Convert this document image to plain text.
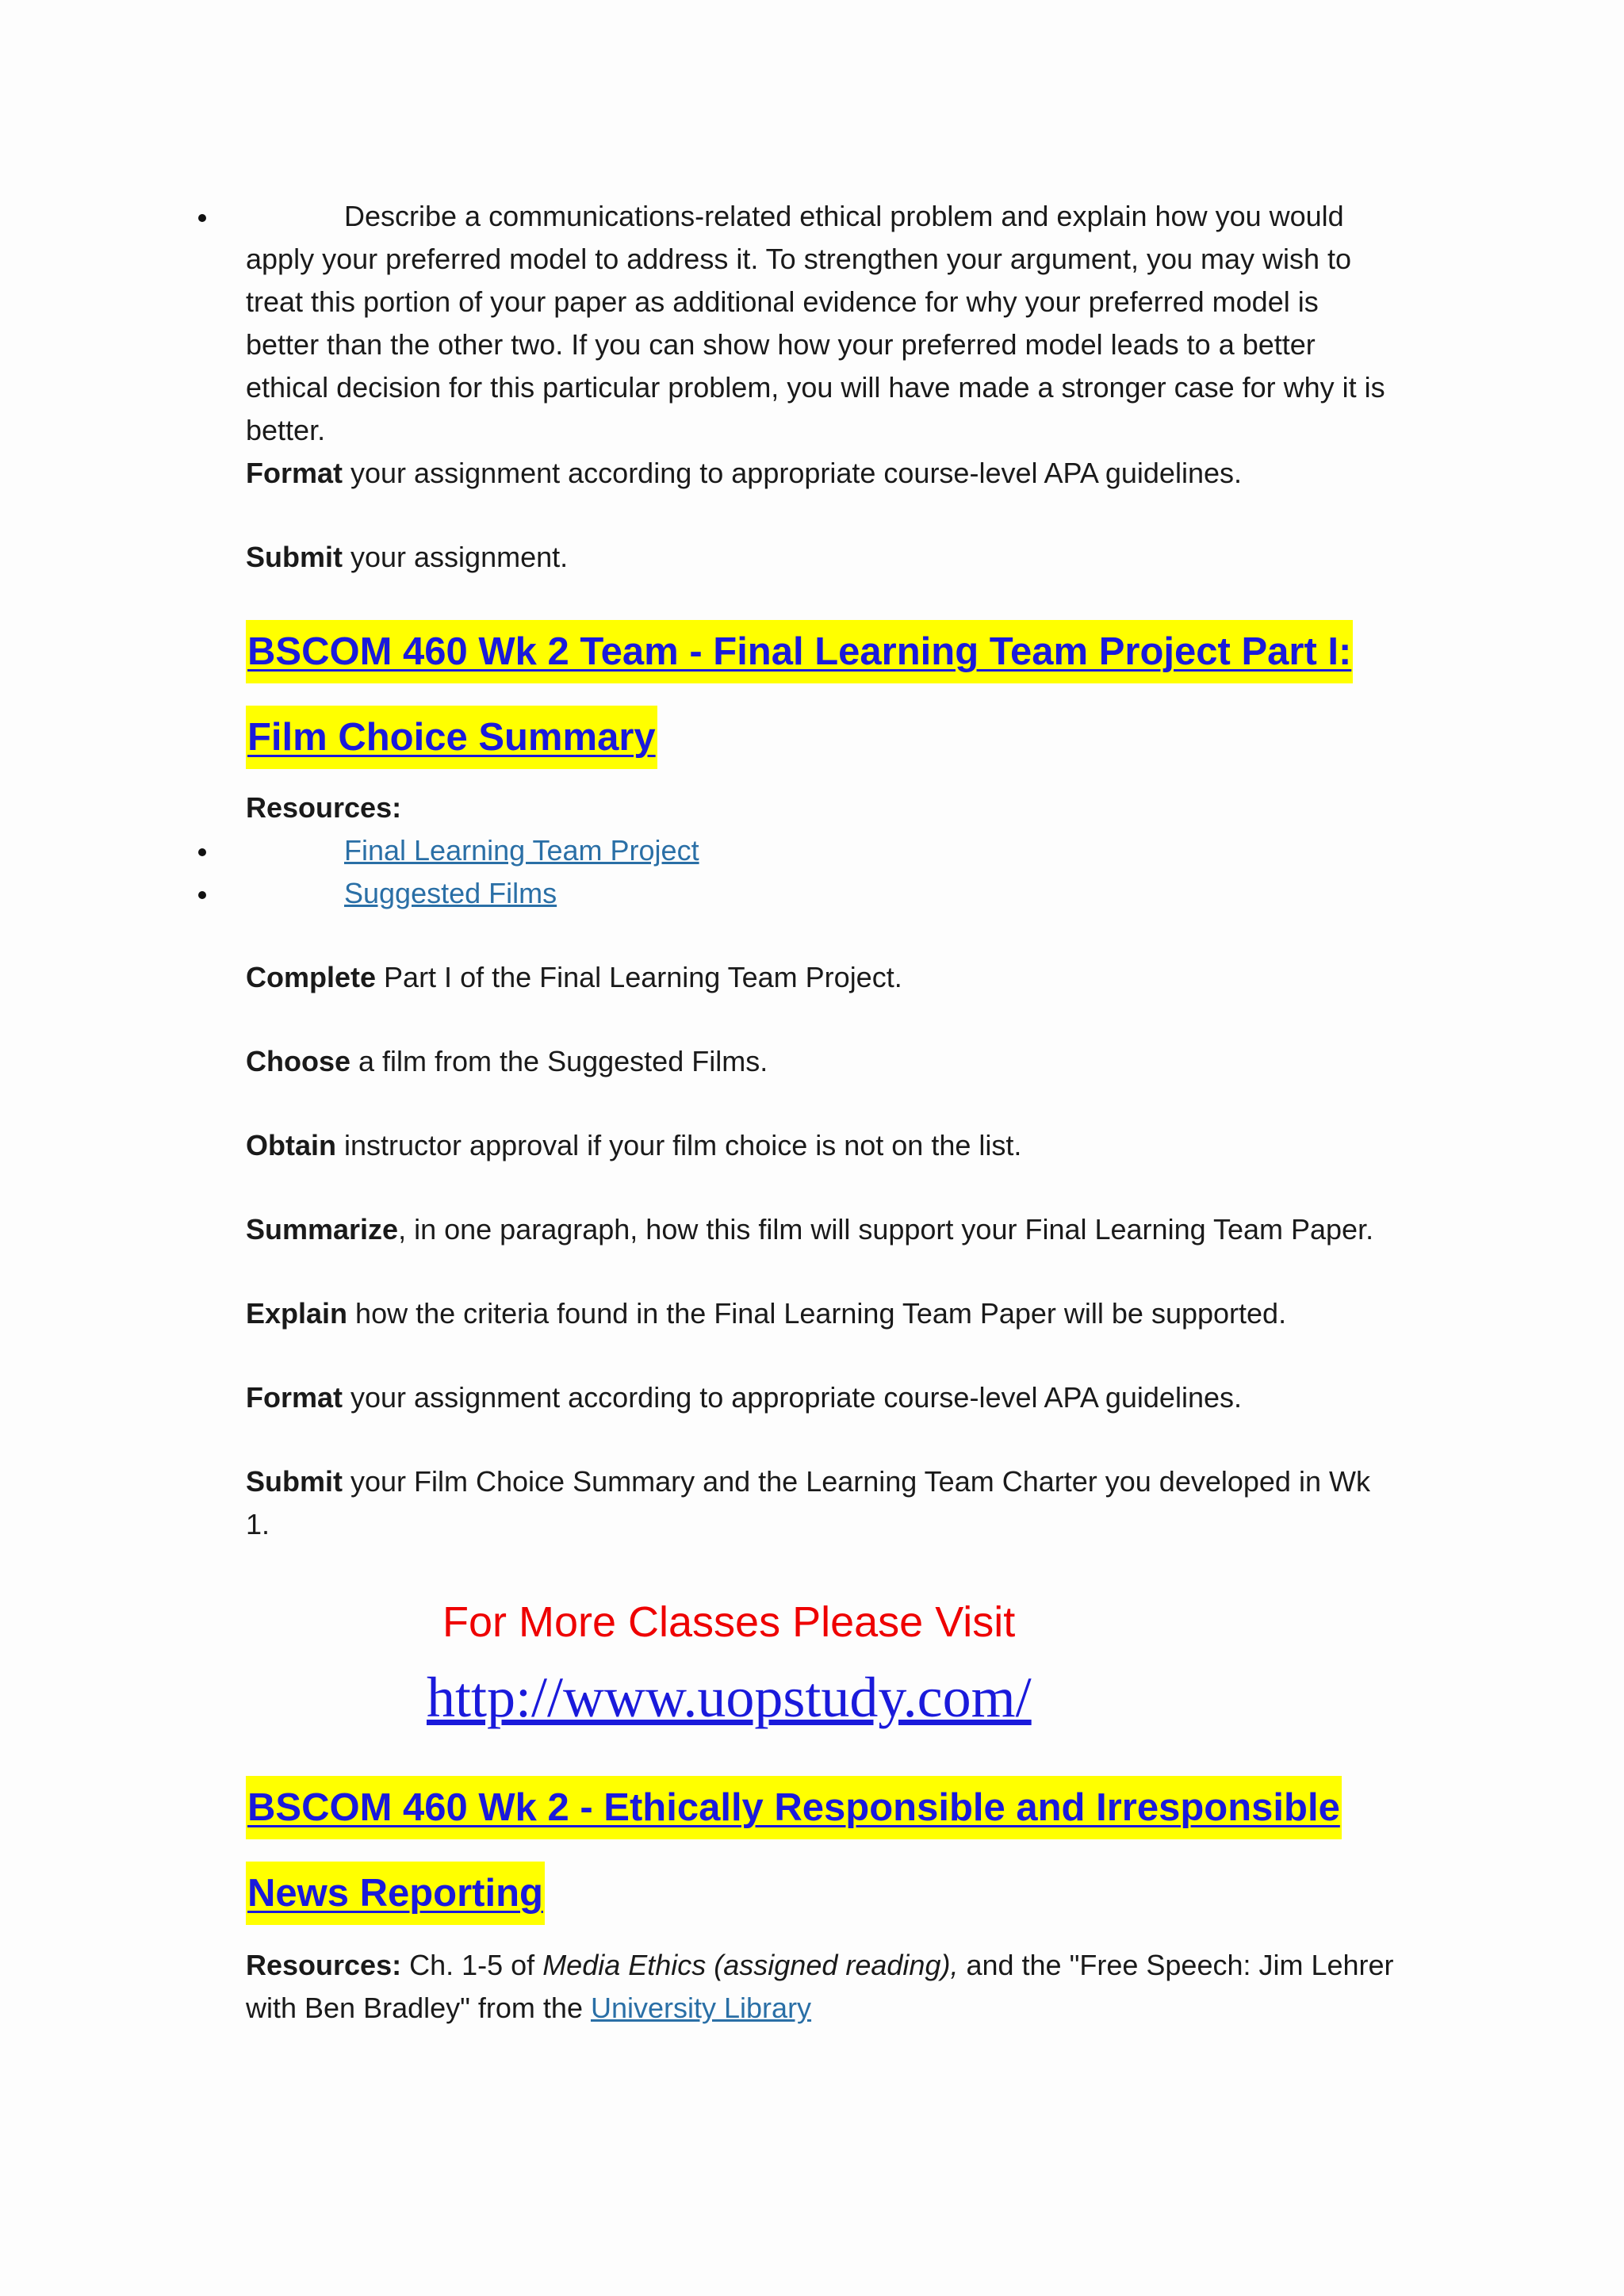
Describe a communications-related ethical problem and explain how you would apply your preferred model to address it. To strengthen your argument, you may wish to treat this portion of your paper as additional evidence for why your preferred model is better than the other two. If you can show how your preferred model leads to a better ethical decision for this particular problem, you will have made a stronger case for why it is better.

Format your assignment according to appropriate course-level APA guidelines.

Submit your assignment.

BSCOM 460 Wk 2 Team - Final Learning Team Project Part I:
Film Choice Summary

Resources:

Final Learning Team Project

Suggested Films

Complete Part I of the Final Learning Team Project.

Choose a film from the Suggested Films.

Obtain instructor approval if your film choice is not on the list.

Summarize, in one paragraph, how this film will support your Final Learning Team Paper.

Explain how the criteria found in the Final Learning Team Paper will be supported.

Format your assignment according to appropriate course-level APA guidelines.

Submit your Film Choice Summary and the Learning Team Charter you developed in Wk 1.

For More Classes Please Visit

http://www.uopstudy.com/

BSCOM 460 Wk 2 - Ethically Responsible and Irresponsible
News Reporting

Resources: Ch. 1-5 of Media Ethics (assigned reading), and the "Free Speech: Jim Lehrer with Ben Bradley" from the University Library
